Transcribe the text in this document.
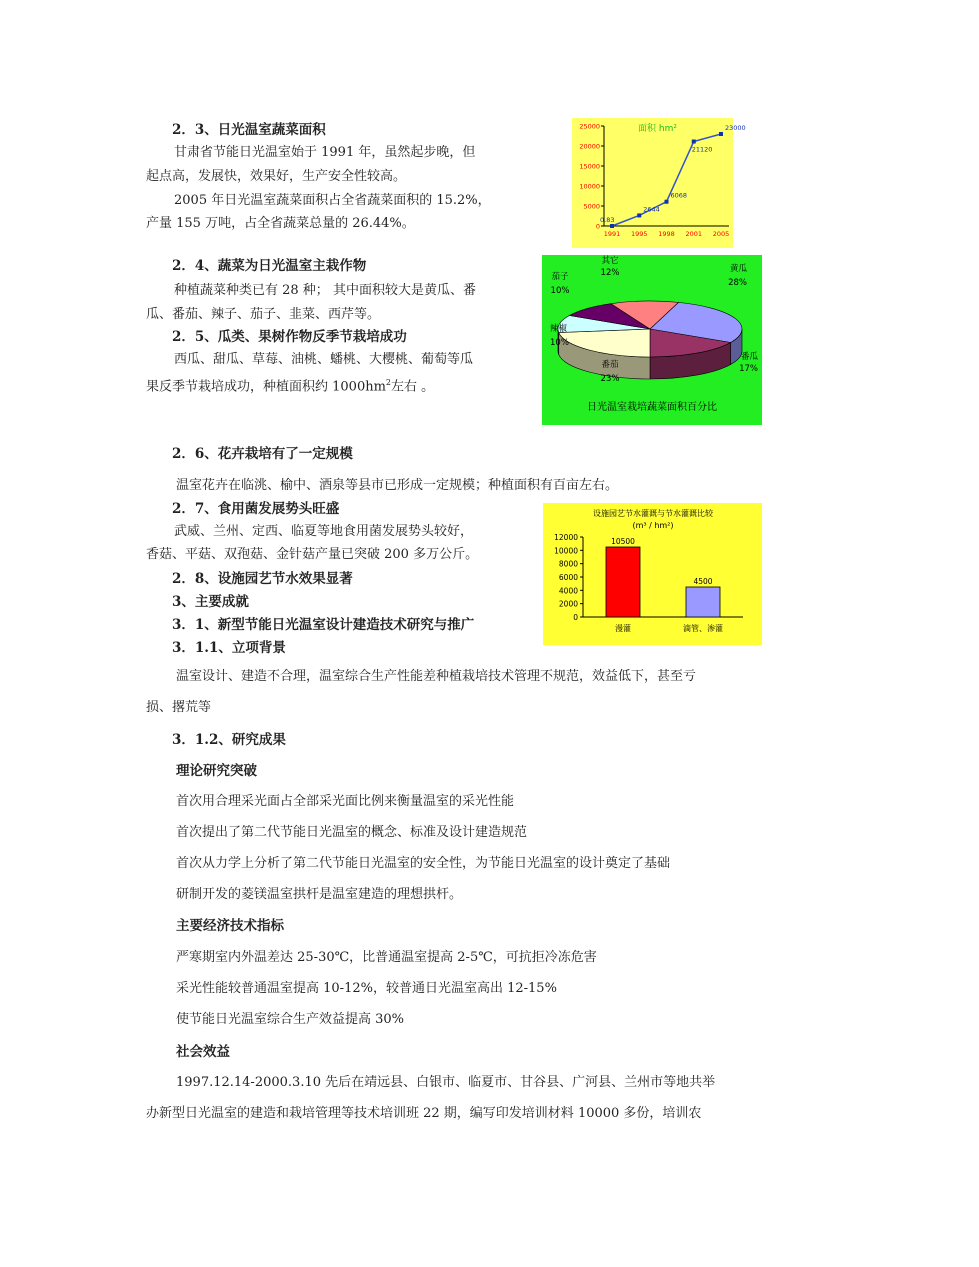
2．3、日光温室蔬菜面积
甘肃省节能日光温室始于 1991 年，虽然起步晚，但
起点高，发展快，效果好，生产安全性较高。
2005 年日光温室蔬菜面积占全省蔬菜面积的 15.2%，
产量 155 万吨，占全省蔬菜总量的 26.44%。
面积 hm²
0
5000
10000
15000
20000
25000
1991 1995 1998 2001 2005
0.83
2644
6068
21120
23000
2．4、蔬菜为日光温室主栽作物
种植蔬菜种类已有 28 种； 其中面积较大是黄瓜、番
瓜、番茄、辣子、茄子、韭菜、西芹等。
2．5、瓜类、果树作物反季节栽培成功
西瓜、甜瓜、草莓、油桃、蟠桃、大樱桃、葡萄等瓜
果反季节栽培成功，种植面积约 $1000hm^2$左右 。
黄瓜
28%
番瓜
17%
番茄
23%
辣椒
10%
茄子
10%
其它
12%
日光温室栽培蔬菜面积百分比
2．6、花卉栽培有了一定规模
温室花卉在临洮、榆中、酒泉等县市已形成一定规模；种植面积有百亩左右。
2．7、食用菌发展势头旺盛
武威、兰州、定西、临夏等地食用菌发展势头较好，
香菇、平菇、双孢菇、金针菇产量已突破 200 多万公斤。
2．8、设施园艺节水效果显著
3、主要成就
3．1、新型节能日光温室设计建造技术研究与推广
3．1.1、立项背景
设施园艺节水灌溉与节水灌溉比较
(m³ / hm²)
0
2000
4000
6000
8000
10000
12000	10500
漫灌
4500
滴管、渗灌
温室设计、建造不合理，温室综合生产性能差种植栽培技术管理不规范，效益低下，甚至亏
损、撂荒等
3．1.2、研究成果
理论研究突破
首次用合理采光面占全部采光面比例来衡量温室的采光性能
首次提出了第二代节能日光温室的概念、标准及设计建造规范
首次从力学上分析了第二代节能日光温室的安全性，为节能日光温室的设计奠定了基础
研制开发的菱镁温室拱杆是温室建造的理想拱杆。
主要经济技术指标
严寒期室内外温差达 25-30℃，比普通温室提高 2-5℃，可抗拒冷冻危害
采光性能较普通温室提高 10-12%，较普通日光温室高出 12-15%
使节能日光温室综合生产效益提高 30%
社会效益
1997.12.14-2000.3.10 先后在靖远县、白银市、临夏市、甘谷县、广河县、兰州市等地共举
办新型日光温室的建造和栽培管理等技术培训班 22 期，编写印发培训材料 10000 多份，培训农
